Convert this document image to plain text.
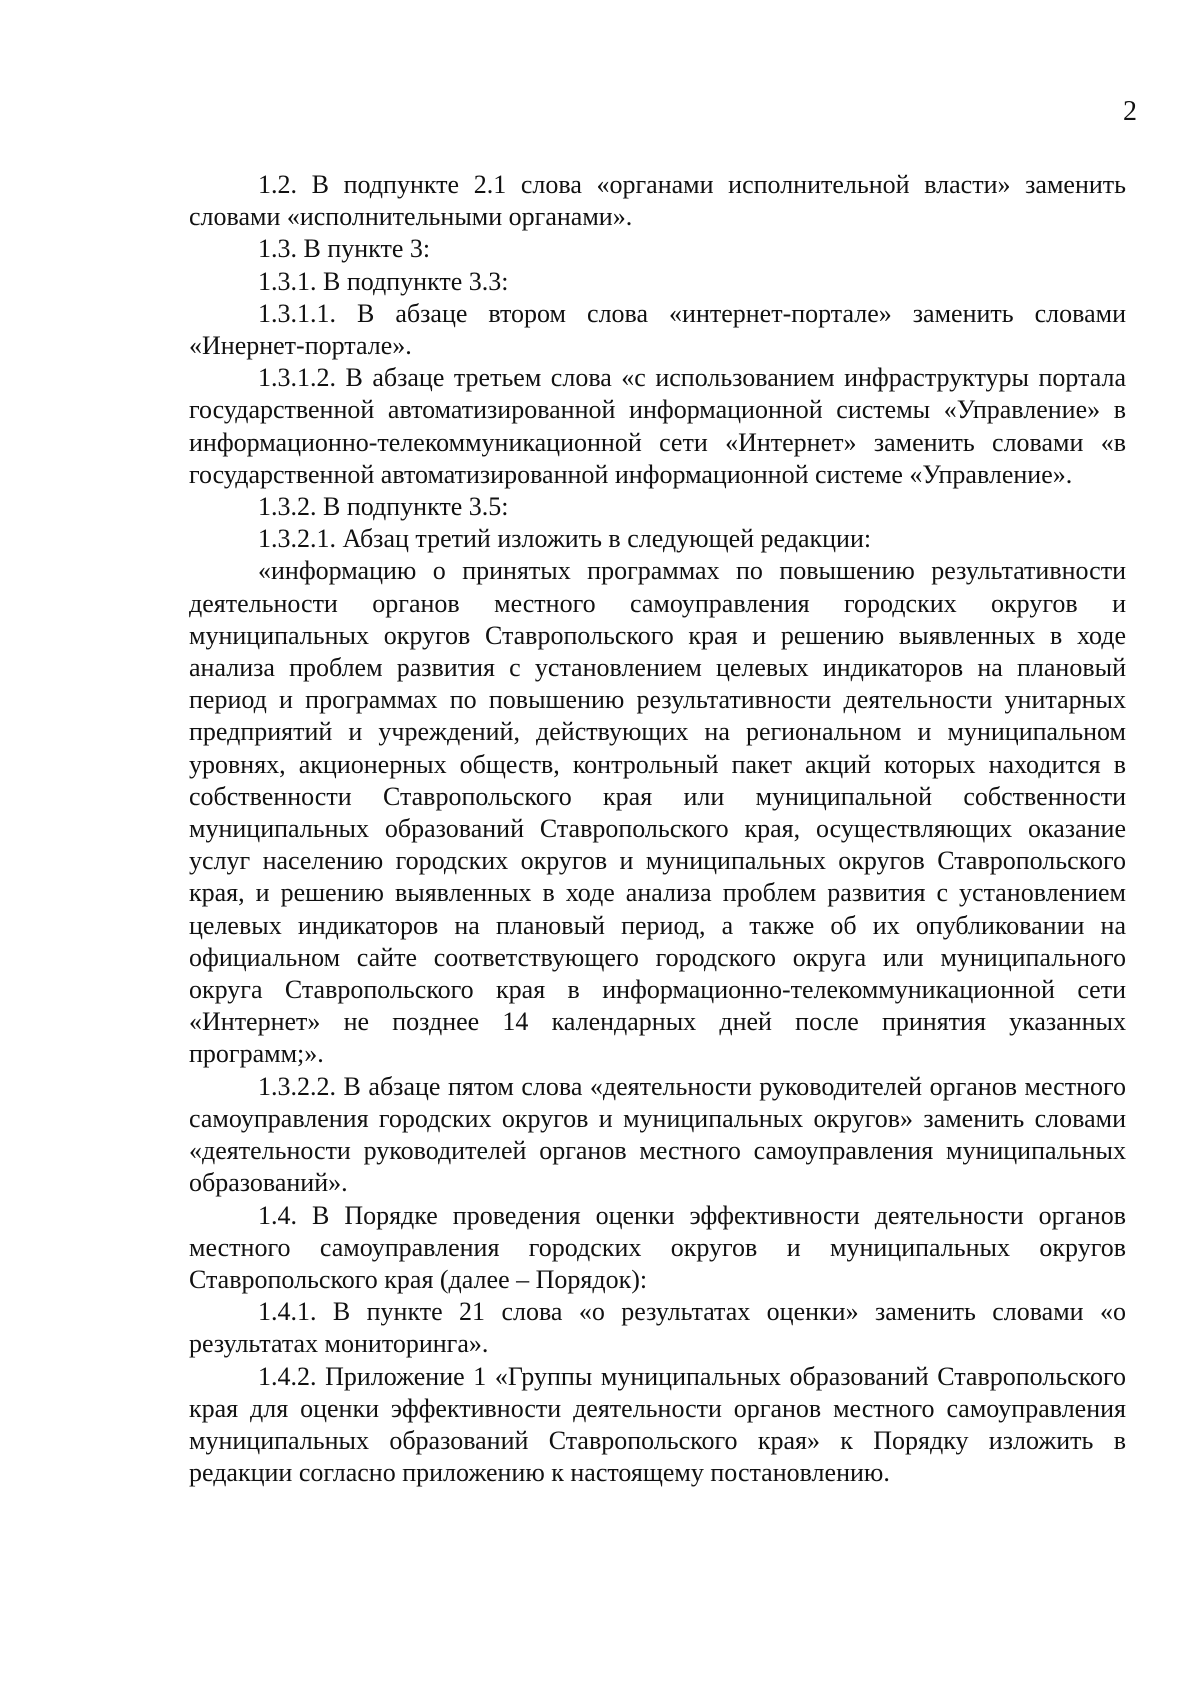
2

1.2. В подпункте 2.1 слова «органами исполнительной власти» заменить словами «исполнительными органами».

1.3. В пункте 3:

1.3.1. В подпункте 3.3:

1.3.1.1. В абзаце втором слова «интернет-портале» заменить словами «Инернет-портале».

1.3.1.2. В абзаце третьем слова «с использованием инфраструктуры портала государственной автоматизированной информационной системы «Управление» в информационно-телекоммуникационной сети «Интернет» заменить словами «в государственной автоматизированной информационной системе «Управление».

1.3.2. В подпункте 3.5:

1.3.2.1. Абзац третий изложить в следующей редакции:

«информацию о принятых программах по повышению результативности деятельности органов местного самоуправления городских округов и муниципальных округов Ставропольского края и решению выявленных в ходе анализа проблем развития с установлением целевых индикаторов на плановый период и программах по повышению результативности деятельности унитарных предприятий и учреждений, действующих на региональном и муниципальном уровнях, акционерных обществ, контрольный пакет акций которых находится в собственности Ставропольского края или муниципальной собственности муниципальных образований Ставропольского края, осуществляющих оказание услуг населению городских округов и муниципальных округов Ставропольского края, и решению выявленных в ходе анализа проблем развития с установлением целевых индикаторов на плановый период, а также об их опубликовании на официальном сайте соответствующего городского округа или муниципального округа Ставропольского края в информационно-телекоммуникационной сети «Интернет» не позднее 14 календарных дней после принятия указанных программ;».

1.3.2.2. В абзаце пятом слова «деятельности руководителей органов местного самоуправления городских округов и муниципальных округов» заменить словами «деятельности руководителей органов местного самоуправления муниципальных образований».

1.4. В Порядке проведения оценки эффективности деятельности органов местного самоуправления городских округов и муниципальных округов Ставропольского края (далее – Порядок):

1.4.1. В пункте 21 слова «о результатах оценки» заменить словами «о результатах мониторинга».

1.4.2. Приложение 1 «Группы муниципальных образований Ставропольского края для оценки эффективности деятельности органов местного самоуправления муниципальных образований Ставропольского края» к Порядку изложить в редакции согласно приложению к настоящему постановлению.
